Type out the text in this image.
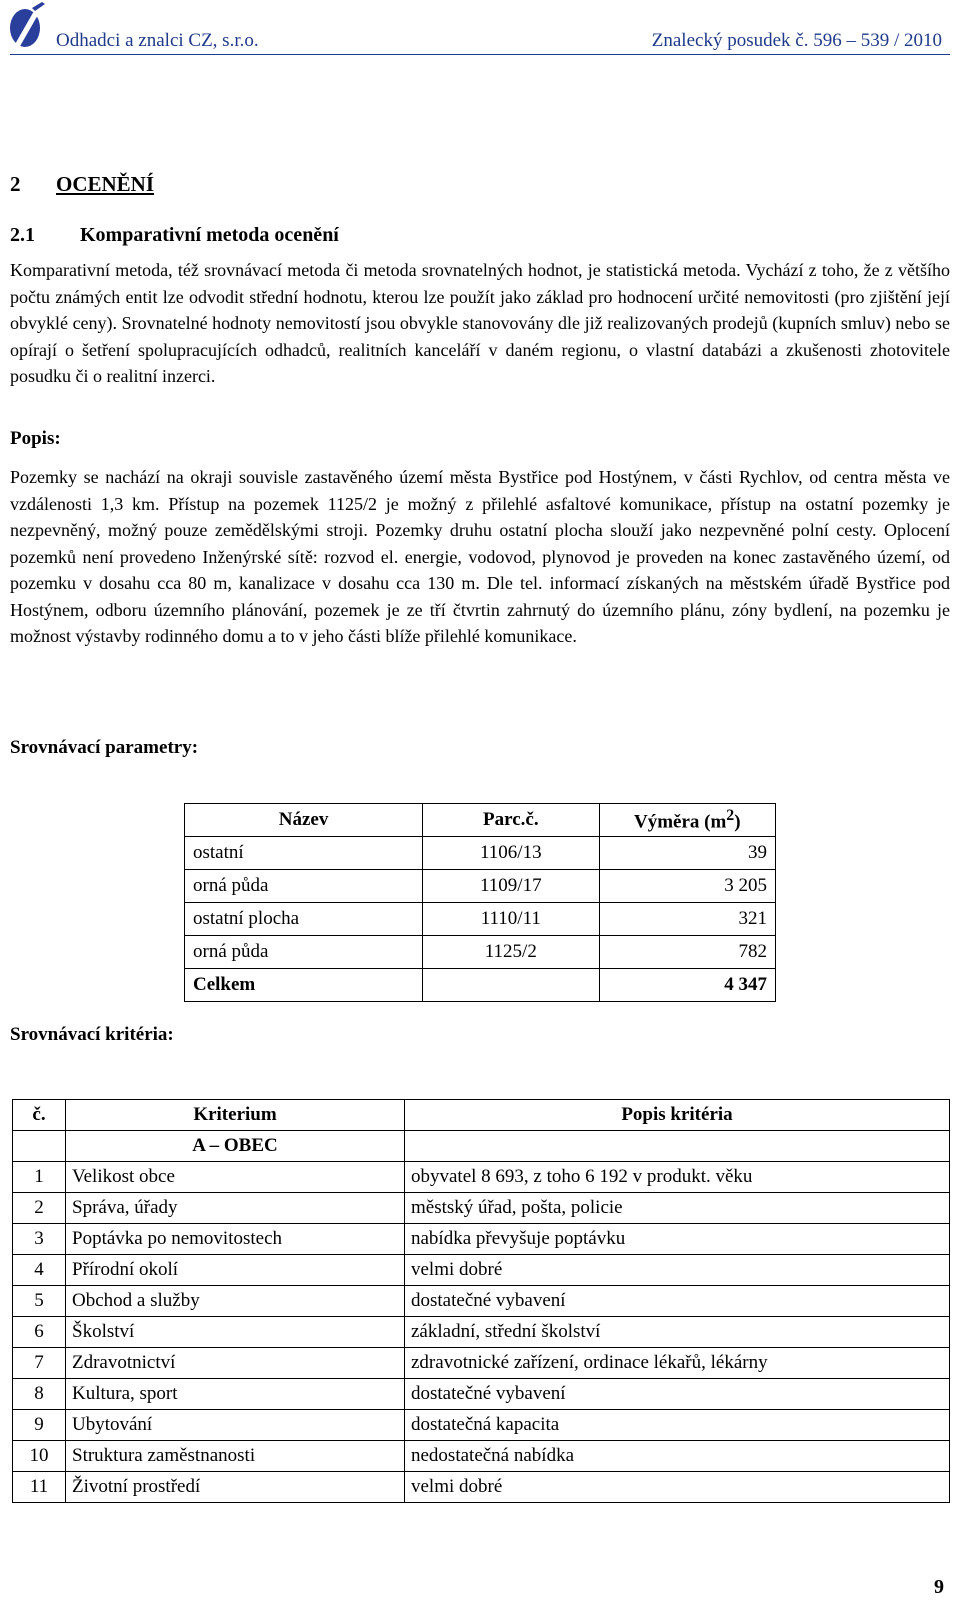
Odhadci a znalci CZ, s.r.o.	Znalecký posudek č. 596 – 539 / 2010
2 OCENĚNÍ
2.1 Komparativní metoda ocenění
Komparativní metoda, též srovnávací metoda či metoda srovnatelných hodnot, je statistická metoda. Vychází z toho, že z většího počtu známých entit lze odvodit střední hodnotu, kterou lze použít jako základ pro hodnocení určité nemovitosti (pro zjištění její obvyklé ceny). Srovnatelné hodnoty nemovitostí jsou obvykle stanovovány dle již realizovaných prodejů (kupních smluv) nebo se opírají o šetření spolupracujících odhadců, realitních kanceláří v daném regionu, o vlastní databázi a zkušenosti zhotovitele posudku či o realitní inzerci.
Popis:
Pozemky se nachází na okraji souvisle zastavěného území města Bystřice pod Hostýnem, v části Rychlov, od centra města ve vzdálenosti 1,3 km. Přístup na pozemek 1125/2 je možný z přilehlé asfaltové komunikace, přístup na ostatní pozemky je nezpevněný, možný pouze zemědělskými stroji. Pozemky druhu ostatní plocha slouží jako nezpevněné polní cesty. Oplocení pozemků není provedeno Inženýrské sítě: rozvod el. energie, vodovod, plynovod je proveden na konec zastavěného území, od pozemku v dosahu cca 80 m, kanalizace v dosahu cca 130 m. Dle tel. informací získaných na městském úřadě Bystřice pod Hostýnem, odboru územního plánování, pozemek je ze tří čtvrtin zahrnutý do územního plánu, zóny bydlení, na pozemku je možnost výstavby rodinného domu a to v jeho části blíže přilehlé komunikace.
Srovnávací parametry:
Název	Parc.č.	Výměra $(m^2)$
ostatní	1106/13	39
orná půda	1109/17	3 205
ostatní plocha	1110/11	321
orná půda	1125/2	782
Celkem		4 347
Srovnávací kritéria:
č.	Kriterium	Popis kritéria
	A – OBEC	
1	Velikost obce	obyvatel 8 693, z toho 6 192 v produkt. věku
2	Správa, úřady	městský úřad, pošta, policie
3	Poptávka po nemovitostech	nabídka převyšuje poptávku
4	Přírodní okolí	velmi dobré
5	Obchod a služby	dostatečné vybavení
6	Školství	základní, střední školství
7	Zdravotnictví	zdravotnické zařízení, ordinace lékařů, lékárny
8	Kultura, sport	dostatečné vybavení
9	Ubytování	dostatečná kapacita
10	Struktura zaměstnanosti	nedostatečná nabídka
11	Životní prostředí	velmi dobré
9
